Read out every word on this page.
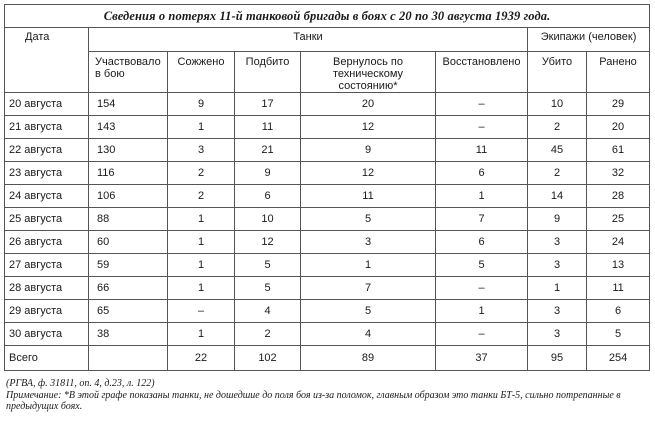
Сведения о потерях 11-й танковой бригады в боях с 20 по 30 августа 1939 года.							
Дата	Танки					Экипажи (человек)	
	Участвовало в бою	Сожжено	Подбито	Вернулось по техническому состоянию*	Восстановлено	Убито	Ранено
20 августа	154	9	17	20	–	10	29
21 августа	143	1	11	12	–	2	20
22 августа	130	3	21	9	11	45	61
23 августа	116	2	9	12	6	2	32
24 августа	106	2	6	11	1	14	28
25 августа	88	1	10	5	7	9	25
26 августа	60	1	12	3	6	3	24
27 августа	59	1	5	1	5	3	13
28 августа	66	1	5	7	–	1	11
29 августа	65	–	4	5	1	3	6
30 августа	38	1	2	4	–	3	5
Всего		22	102	89	37	95	254

(РГВА, ф. 31811, оп. 4, д.23, л. 122)

Примечание: *В этой графе показаны танки, не дошедшие до поля боя из-за поломок, главным образом это танки БТ-5, сильно потрепанные в предыдущих боях.
